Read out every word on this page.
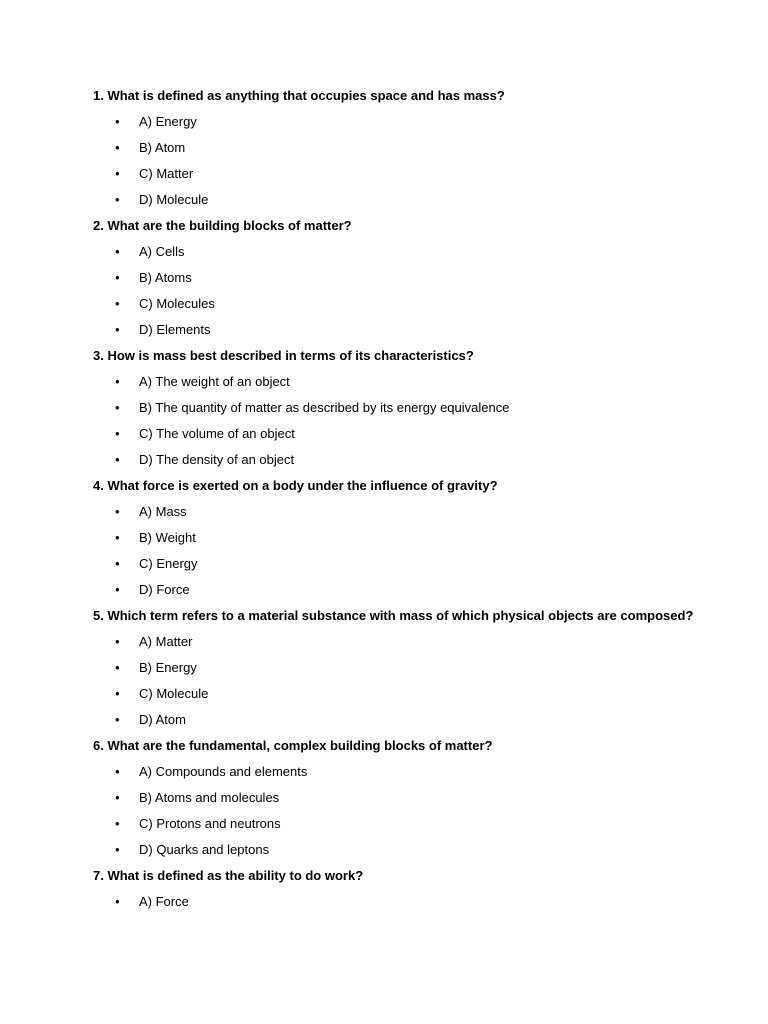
1. What is defined as anything that occupies space and has mass?
• A) Energy
• B) Atom
• C) Matter
• D) Molecule
2. What are the building blocks of matter?
• A) Cells
• B) Atoms
• C) Molecules
• D) Elements
3. How is mass best described in terms of its characteristics?
• A) The weight of an object
• B) The quantity of matter as described by its energy equivalence
• C) The volume of an object
• D) The density of an object
4. What force is exerted on a body under the influence of gravity?
• A) Mass
• B) Weight
• C) Energy
• D) Force
5. Which term refers to a material substance with mass of which physical objects are composed?
• A) Matter
• B) Energy
• C) Molecule
• D) Atom
6. What are the fundamental, complex building blocks of matter?
• A) Compounds and elements
• B) Atoms and molecules
• C) Protons and neutrons
• D) Quarks and leptons
7. What is defined as the ability to do work?
• A) Force
